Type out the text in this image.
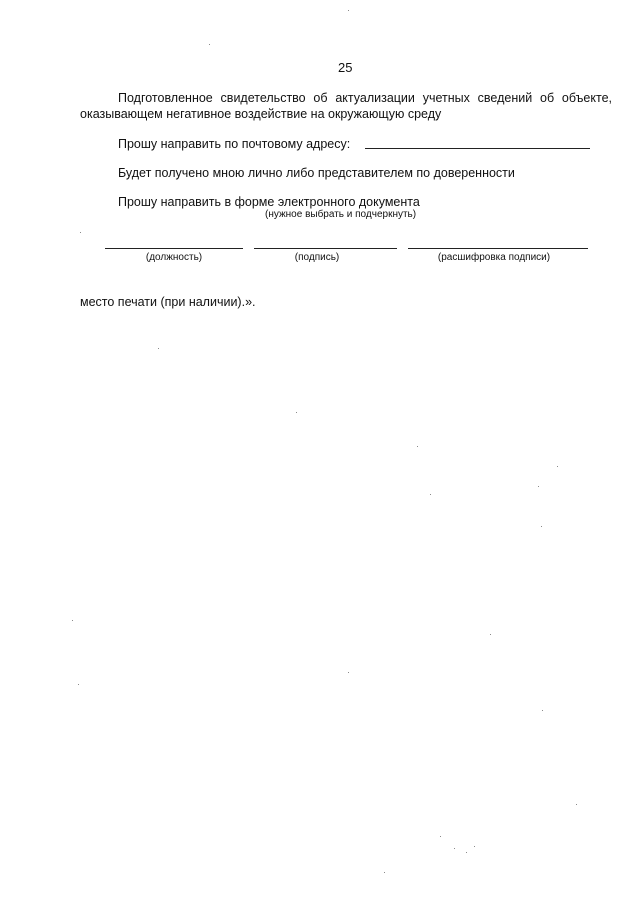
25
Подготовленное свидетельство об актуализации учетных сведений об объекте,
оказывающем негативное воздействие на окружающую среду
Прошу направить по почтовому адресу:
Будет получено мною лично либо представителем по доверенности
Прошу направить в форме электронного документа
(нужное выбрать и подчеркнуть)
(должность)	(подпись)	(расшифровка подписи)
место печати (при наличии).».
